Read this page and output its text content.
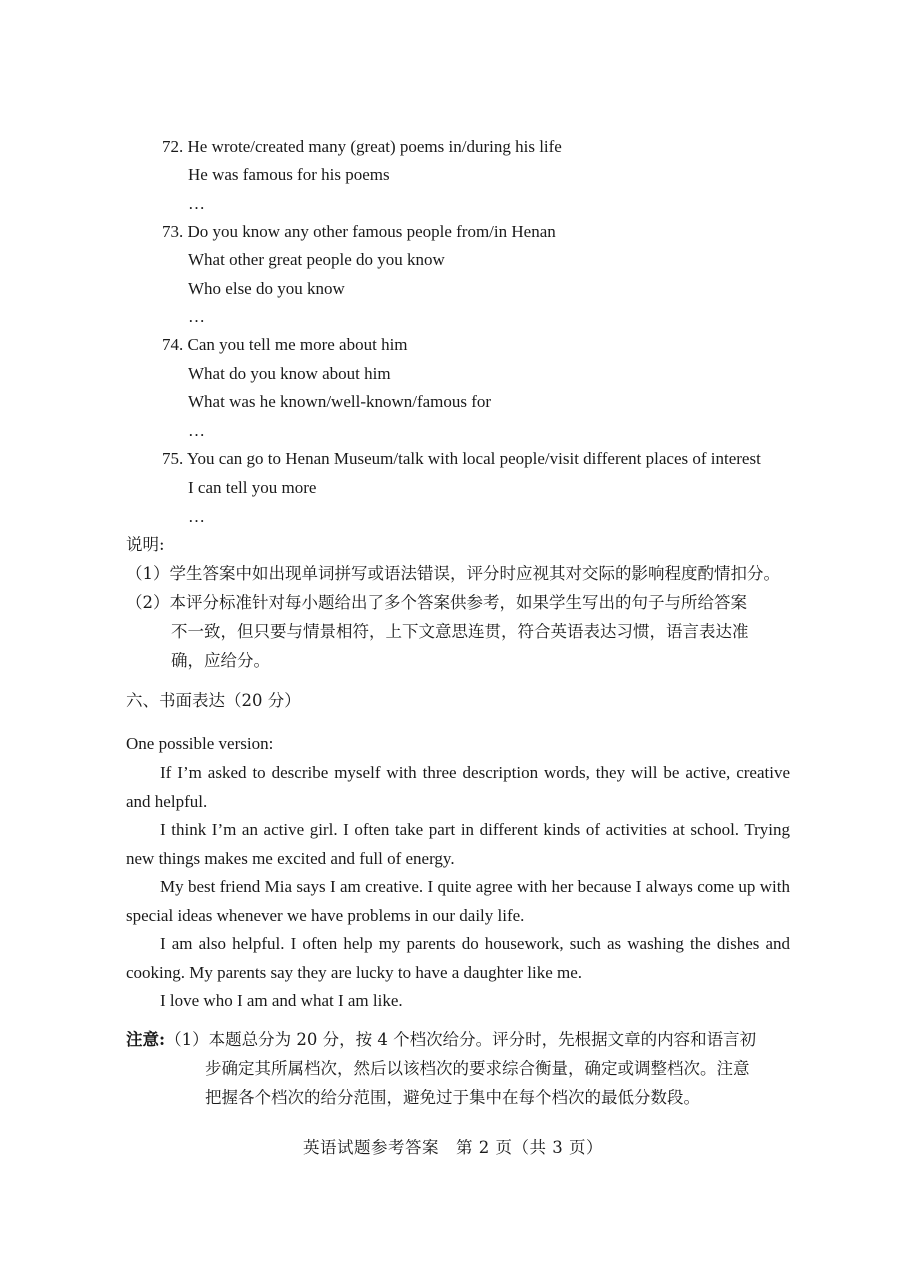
72. He wrote/created many (great) poems in/during his life
He was famous for his poems
…
73. Do you know any other famous people from/in Henan
What other great people do you know
Who else do you know
…
74. Can you tell me more about him
What do you know about him
What was he known/well-known/famous for
…
75. You can go to Henan Museum/talk with local people/visit different places of interest
I can tell you more
…
说明:
（1）学生答案中如出现单词拼写或语法错误，评分时应视其对交际的影响程度酌情扣分。
（2）本评分标准针对每小题给出了多个答案供参考，如果学生写出的句子与所给答案
不一致，但只要与情景相符，上下文意思连贯，符合英语表达习惯，语言表达准
确，应给分。
六、书面表达（20 分）
One possible version:
If I’m asked to describe myself with three description words, they will be active, creative and helpful.
I think I’m an active girl. I often take part in different kinds of activities at school. Trying new things makes me excited and full of energy.
My best friend Mia says I am creative. I quite agree with her because I always come up with special ideas whenever we have problems in our daily life.
I am also helpful. I often help my parents do housework, such as washing the dishes and cooking. My parents say they are lucky to have a daughter like me.
I love who I am and what I am like.
注意:（1）本题总分为 20 分，按 4 个档次给分。评分时，先根据文章的内容和语言初
步确定其所属档次，然后以该档次的要求综合衡量，确定或调整档次。注意
把握各个档次的给分范围，避免过于集中在每个档次的最低分数段。
英语试题参考答案　第 2 页（共 3 页）
